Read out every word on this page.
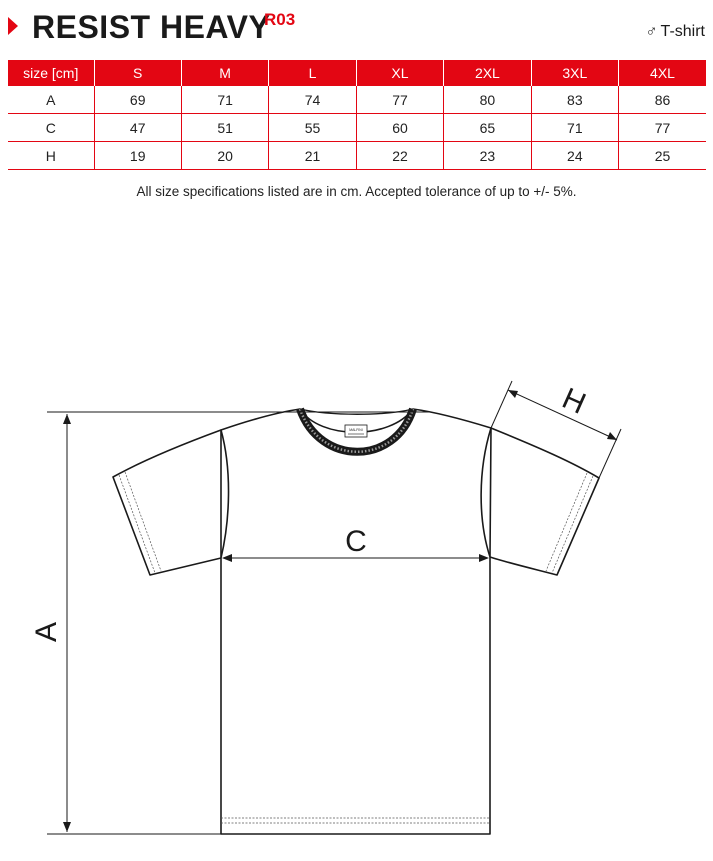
RESIST HEAVY
R03
♂ T-shirt
size [cm]	S	M	L	XL	2XL	3XL	4XL
A	69	71	74	77	80	83	86
C	47	51	55	60	65	71	77
H	19	20	21	22	23	24	25
All size specifications listed are in cm. Accepted tolerance of up to +/- 5%.
MALFINI
A
C
H
